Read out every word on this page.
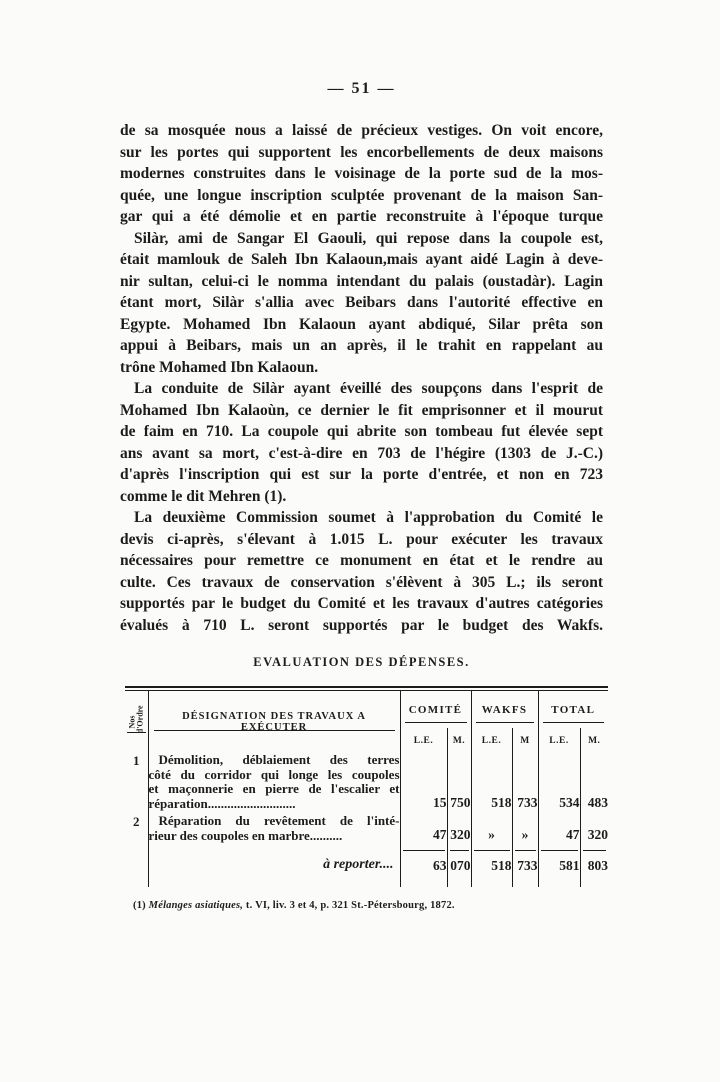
— 51 —
de sa mosquée nous a laissé de précieux vestiges. On voit encore,
sur les portes qui supportent les encorbellements de deux maisons
modernes construites dans le voisinage de la porte sud de la mos-
quée, une longue inscription sculptée provenant de la maison San-
gar qui a été démolie et en partie reconstruite à l'époque turque
Silàr, ami de Sangar El Gaouli, qui repose dans la coupole est,
était mamlouk de Saleh Ibn Kalaoun,mais ayant aidé Lagin à deve-
nir sultan, celui-ci le nomma intendant du palais (oustadàr). Lagin
étant mort, Silàr s'allia avec Beibars dans l'autorité effective en
Egypte. Mohamed Ibn Kalaoun ayant abdiqué, Silar prêta son
appui à Beibars, mais un an après, il le trahit en rappelant au
trône Mohamed Ibn Kalaoun.
La conduite de Silàr ayant éveillé des soupçons dans l'esprit de
Mohamed Ibn Kalaoùn, ce dernier le fit emprisonner et il mourut
de faim en 710. La coupole qui abrite son tombeau fut élevée sept
ans avant sa mort, c'est-à-dire en 703 de l'hégire (1303 de J.-C.)
d'après l'inscription qui est sur la porte d'entrée, et non en 723
comme le dit Mehren (1).
La deuxième Commission soumet à l'approbation du Comité le
devis ci-après, s'élevant à 1.015 L. pour exécuter les travaux
nécessaires pour remettre ce monument en état et le rendre au
culte. Ces travaux de conservation s'élèvent à 305 L.; ils seront
supportés par le budget du Comité et les travaux d'autres catégories
évalués à 710 L. seront supportés par le budget des Wakfs.
EVALUATION DES DÉPENSES.
Nos d'Ordre	DÉSIGNATION DES TRAVAUX A EXÉCUTER	COMITÉ		WAKFS		TOTAL	
		L.E.	M.	L.E.	M	L.E.	M.
1	Démolition, déblaiement des terres
côté du corridor qui longe les coupoles
et maçonnerie en pierre de l'escalier et
réparation...........................	15	750	518	733	534	483
2	Réparation du revêtement de l'inté-
rieur des coupoles en marbre..........	47	320	»	»	47	320
	à reporter....	63	070	518	733	581	803

(1) Mélanges asiatiques, t. VI, liv. 3 et 4, p. 321 St.-Pétersbourg, 1872.
